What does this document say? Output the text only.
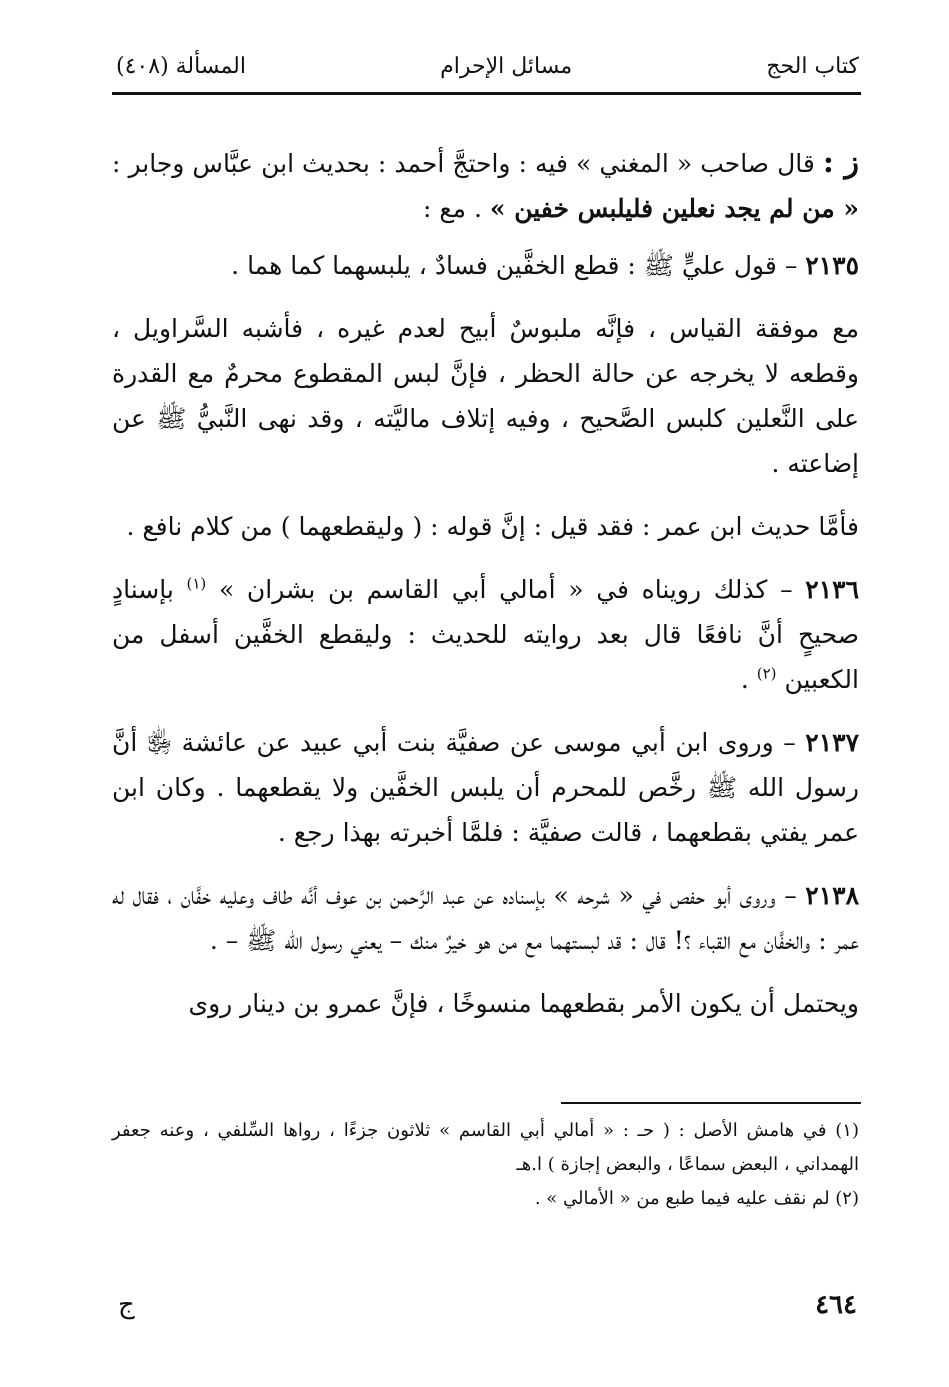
كتاب الحج
مسائل الإحرام
المسألة (٤٠٨)

ز : قال صاحب « المغني » فيه : واحتجَّ أحمد : بحديث ابن عبَّاس وجابر : « من لم يجد نعلين فليلبس خفين » . مع :

٢١٣٥ – قول عليٍّ ﷺ : قطع الخفَّين فسادٌ ، يلبسهما كما هما .

مع موفقة القياس ، فإنَّه ملبوسٌ أبيح لعدم غيره ، فأشبه السَّراويل ، وقطعه لا يخرجه عن حالة الحظر ، فإنَّ لبس المقطوع محرمٌ مع القدرة على النَّعلين كلبس الصَّحيح ، وفيه إتلاف ماليَّته ، وقد نهى النَّبيُّ ﷺ عن إضاعته .

فأمَّا حديث ابن عمر : فقد قيل : إنَّ قوله : ( وليقطعهما ) من كلام نافع .

٢١٣٦ – كذلك رويناه في « أمالي أبي القاسم بن بشران » $^{(١)}$ بإسنادٍ صحيحٍ أنَّ نافعًا قال بعد روايته للحديث : وليقطع الخفَّين أسفل من الكعبين $^{(٢)}$ .

٢١٣٧ – وروى ابن أبي موسى عن صفيَّة بنت أبي عبيد عن عائشة ﵂ أنَّ رسول الله ﷺ رخَّص للمحرم أن يلبس الخفَّين ولا يقطعهما . وكان ابن عمر يفتي بقطعهما ، قالت صفيَّة : فلمَّا أخبرته بهذا رجع .

٢١٣٨ – وروى أبو حفص في « شرحه » بإسناده عن عبد الرَّحمن بن عوف أنَّه طاف وعليه خفَّان ، فقال له عمر : والخفَّان مع القباء ؟! قال : قد لبستهما مع من هو خيرٌ منك – يعني رسول الله ﷺ – .

ويحتمل أن يكون الأمر بقطعهما منسوخًا ، فإنَّ عمرو بن دينار روى

(١) في هامش الأصل : ( حـ : « أمالي أبي القاسم » ثلاثون جزءًا ، رواها السِّلفي ، وعنه جعفر الهمداني ، البعض سماعًا ، والبعض إجازة ) ا.هـ

(٢) لم نقف عليه فيما طبع من « الأمالي » .

٤٦٤
ج
